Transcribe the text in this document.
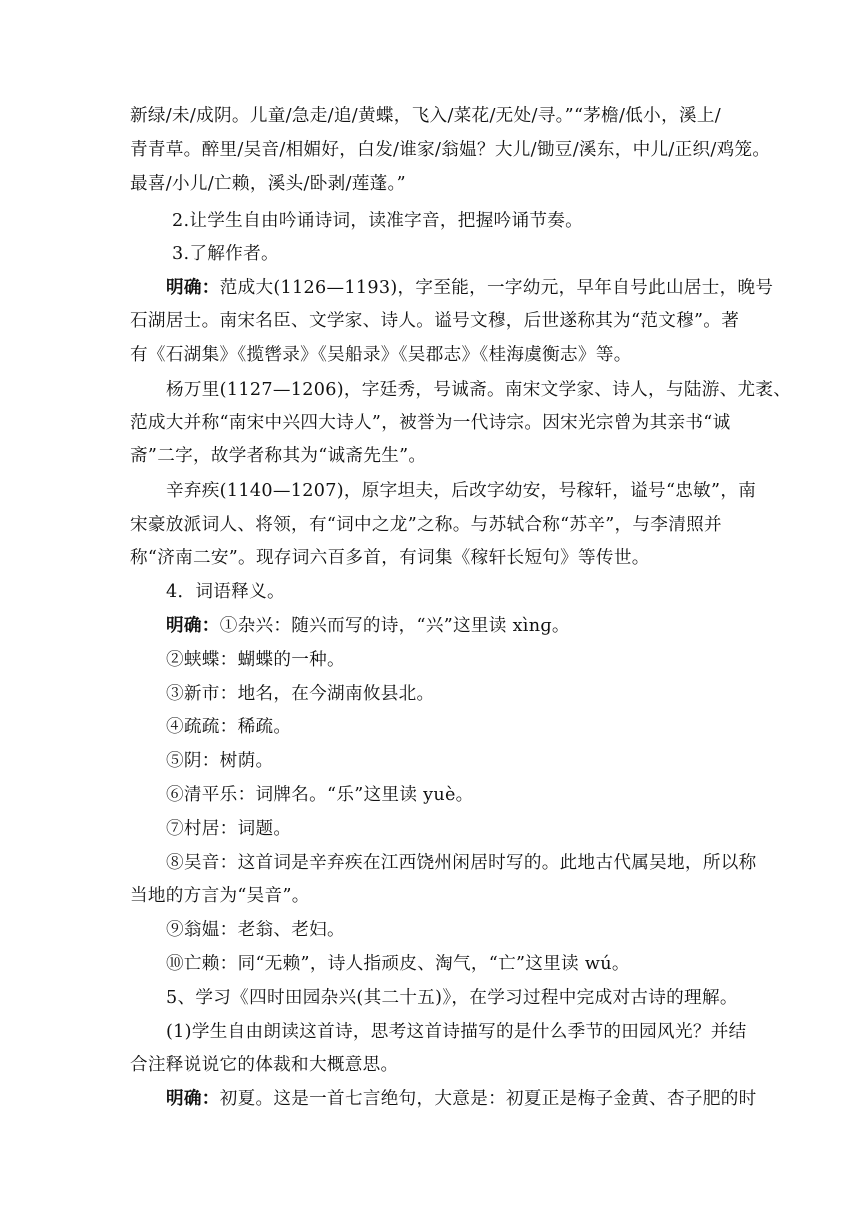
新绿/未/成阴。儿童/急走/追/黄蝶，飞入/菜花/无处/寻。”“茅檐/低小，溪上/
青青草。醉里/吴音/相媚好，白发/谁家/翁媪？大儿/锄豆/溪东，中儿/正织/鸡笼。
最喜/小儿/亡赖，溪头/卧剥/莲蓬。”
2.让学生自由吟诵诗词，读准字音，把握吟诵节奏。
3.了解作者。
明确：范成大(1126—1193)，字至能，一字幼元，早年自号此山居士，晚号
石湖居士。南宋名臣、文学家、诗人。谥号文穆，后世遂称其为“范文穆”。著
有《石湖集》《揽辔录》《吴船录》《吴郡志》《桂海虞衡志》等。
杨万里(1127—1206)，字廷秀，号诚斋。南宋文学家、诗人，与陆游、尤袤、
范成大并称“南宋中兴四大诗人”，被誉为一代诗宗。因宋光宗曾为其亲书“诚
斋”二字，故学者称其为“诚斋先生”。
辛弃疾(1140—1207)，原字坦夫，后改字幼安，号稼轩，谥号“忠敏”，南
宋豪放派词人、将领，有“词中之龙”之称。与苏轼合称“苏辛”，与李清照并
称“济南二安”。现存词六百多首，有词集《稼轩长短句》等传世。
4．词语释义。
明确：①杂兴：随兴而写的诗，“兴”这里读 xìnɡ。
②蛱蝶：蝴蝶的一种。
③新市：地名，在今湖南攸县北。
④疏疏：稀疏。
⑤阴：树荫。
⑥清平乐：词牌名。“乐”这里读 yuè。
⑦村居：词题。
⑧吴音：这首词是辛弃疾在江西饶州闲居时写的。此地古代属吴地，所以称
当地的方言为“吴音”。
⑨翁媪：老翁、老妇。
⑩亡赖：同“无赖”，诗人指顽皮、淘气，“亡”这里读 wú。
5、学习《四时田园杂兴(其二十五)》，在学习过程中完成对古诗的理解。
(1)学生自由朗读这首诗，思考这首诗描写的是什么季节的田园风光？并结
合注释说说它的体裁和大概意思。
明确：初夏。这是一首七言绝句，大意是：初夏正是梅子金黄、杏子肥的时
